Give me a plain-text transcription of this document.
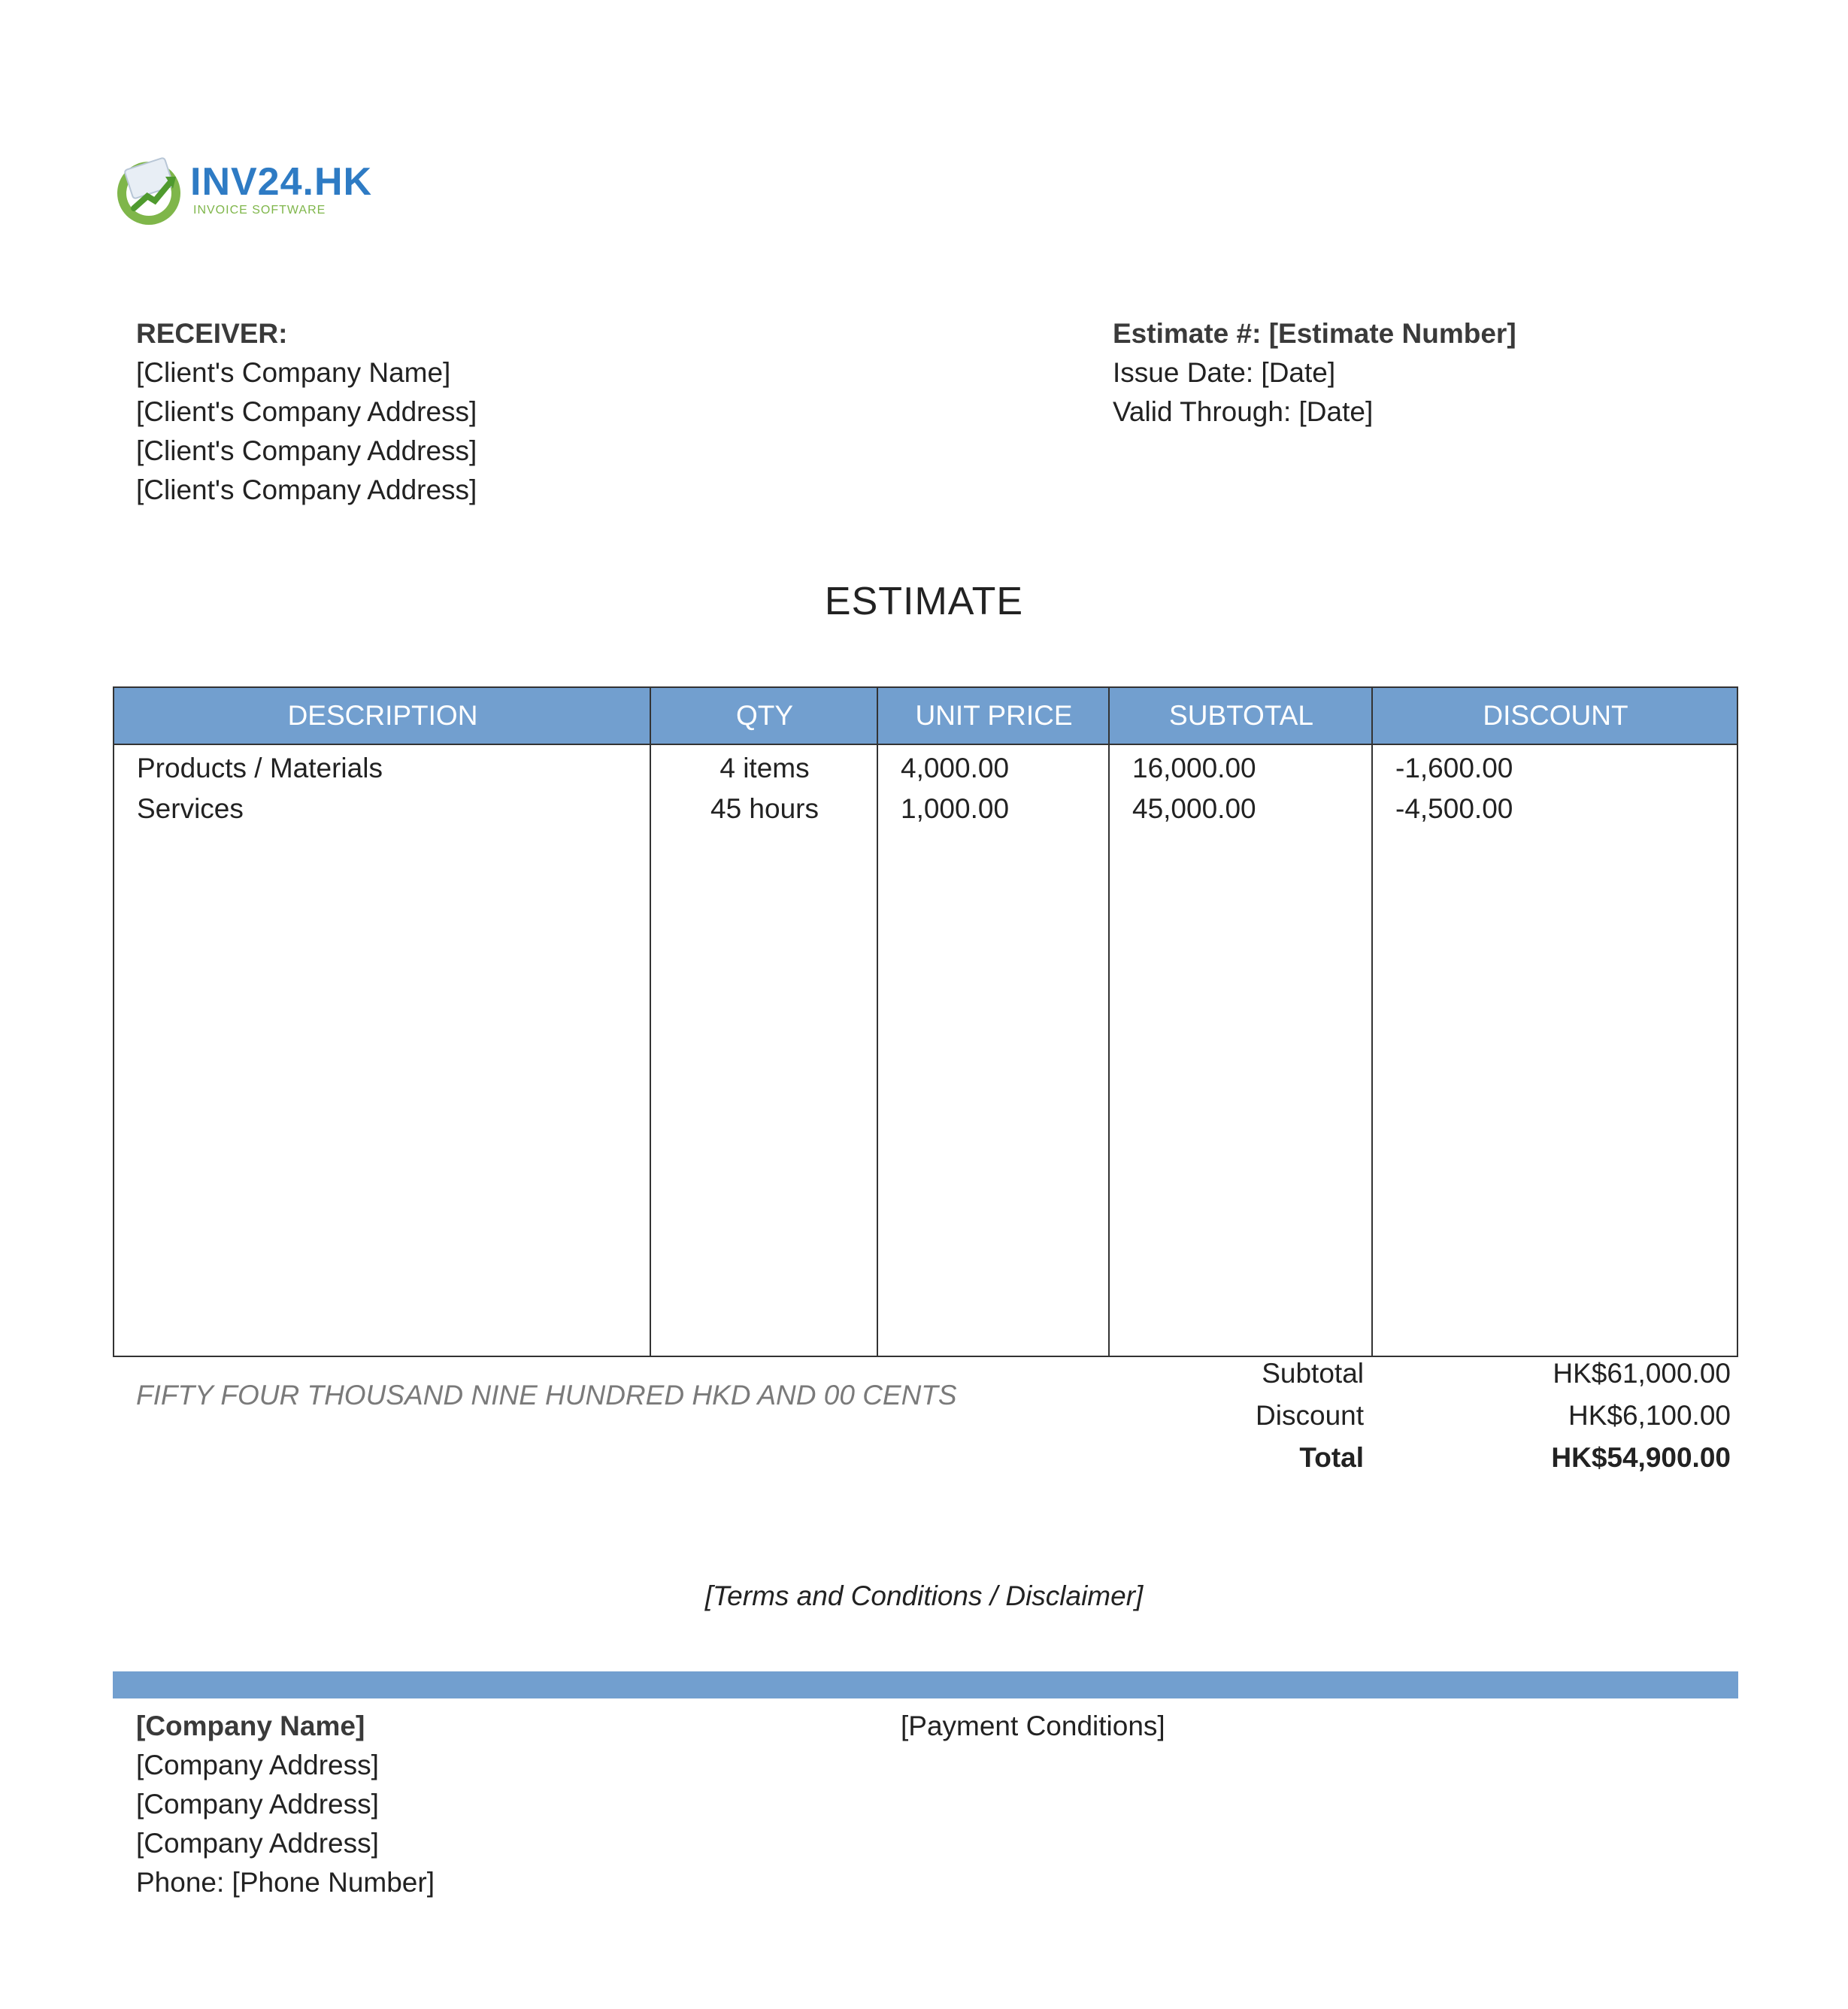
INV24.HK
INVOICE SOFTWARE
RECEIVER:
[Client's Company Name]
[Client's Company Address]
[Client's Company Address]
[Client's Company Address]
Estimate #: [Estimate Number]
Issue Date: [Date]
Valid Through: [Date]
ESTIMATE
DESCRIPTION	QTY	UNIT PRICE	SUBTOTAL	DISCOUNT
Products / Materials	4 items	4,000.00	16,000.00	-1,600.00
Services	45 hours	1,000.00	45,000.00	-4,500.00
FIFTY FOUR THOUSAND NINE HUNDRED HKD AND 00 CENTS
Subtotal	HK$61,000.00
Discount	HK$6,100.00
Total	HK$54,900.00
[Terms and Conditions / Disclaimer]
[Company Name]
[Company Address]
[Company Address]
[Company Address]
Phone: [Phone Number]
[Payment Conditions]
